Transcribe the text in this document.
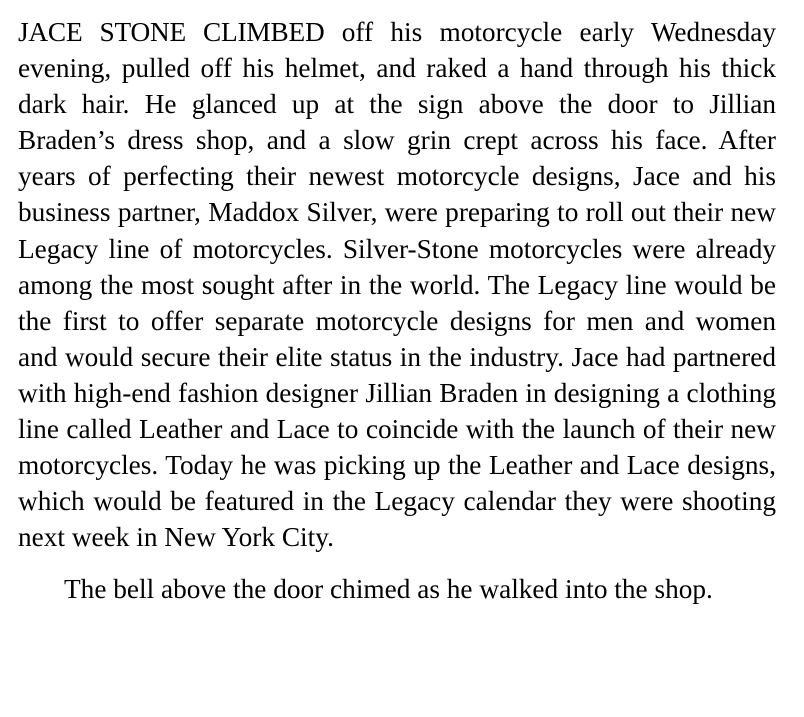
JACE STONE CLIMBED off his motorcycle early Wednesday evening, pulled off his helmet, and raked a hand through his thick dark hair. He glanced up at the sign above the door to Jillian Braden’s dress shop, and a slow grin crept across his face. After years of perfecting their newest motorcycle designs, Jace and his business partner, Maddox Silver, were preparing to roll out their new Legacy line of motorcycles. Silver-Stone motorcycles were already among the most sought after in the world. The Legacy line would be the first to offer separate motorcycle designs for men and women and would secure their elite status in the industry. Jace had partnered with high-end fashion designer Jillian Braden in designing a clothing line called Leather and Lace to coincide with the launch of their new motorcycles. Today he was picking up the Leather and Lace designs, which would be featured in the Legacy calendar they were shooting next week in New York City.

The bell above the door chimed as he walked into the shop.
